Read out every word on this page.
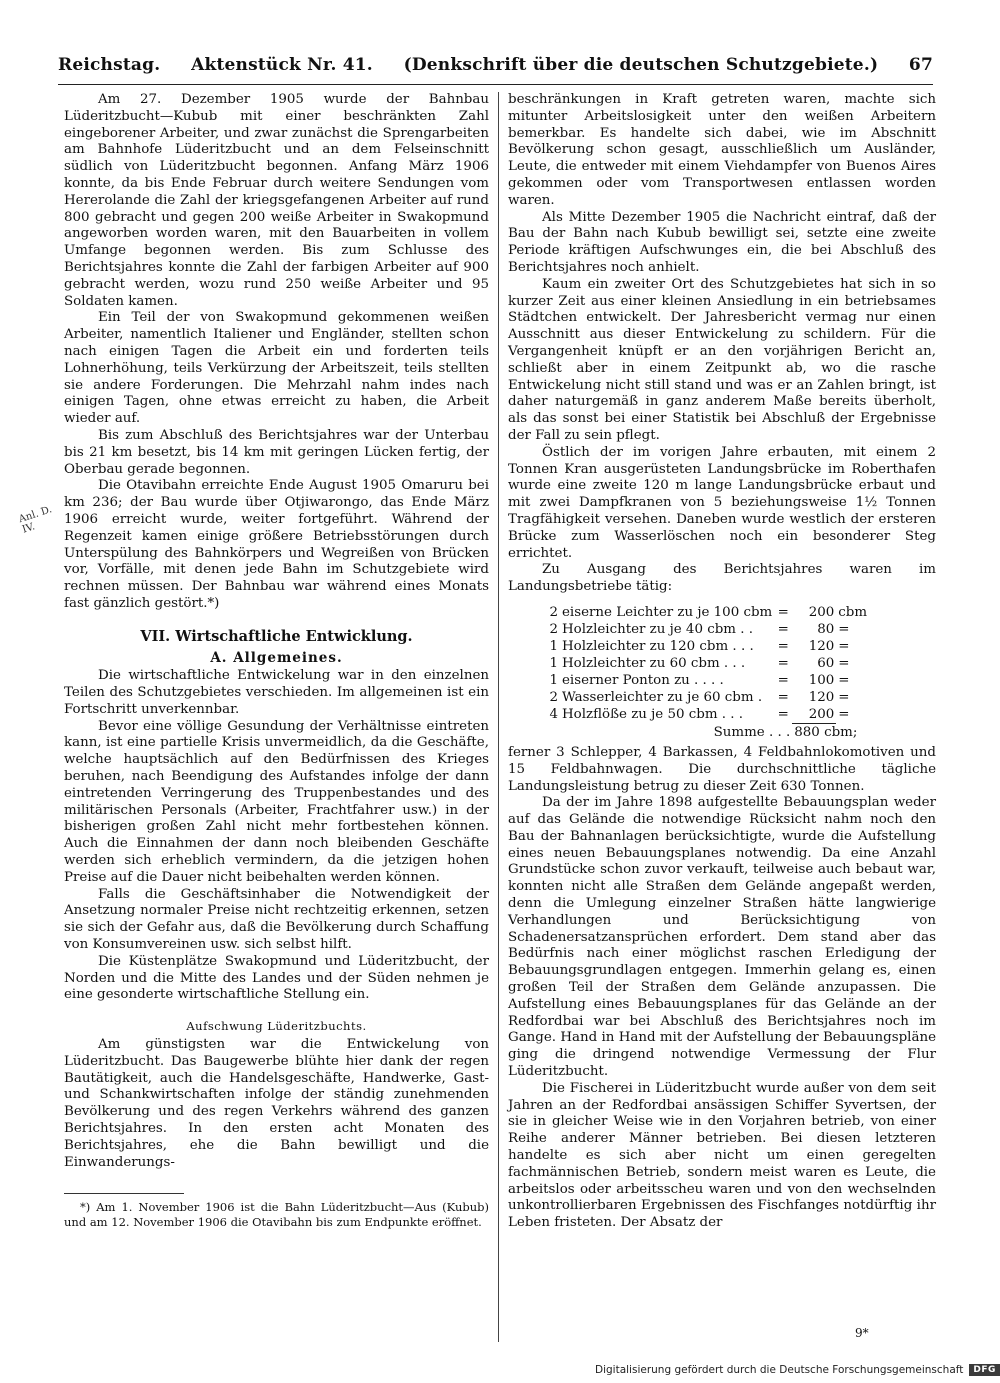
Reichstag. Aktenstück Nr. 41. (Denkschrift über die deutschen Schutzgebiete.) 67
Anl. D. IV.

Am 27. Dezember 1905 wurde der Bahnbau Lüderitzbucht—Kubub mit einer beschränkten Zahl eingeborener Arbeiter, und zwar zunächst die Sprengarbeiten am Bahnhofe Lüderitzbucht und an dem Felseinschnitt südlich von Lüderitzbucht begonnen. Anfang März 1906 konnte, da bis Ende Februar durch weitere Sendungen vom Hererolande die Zahl der kriegsgefangenen Arbeiter auf rund 800 gebracht und gegen 200 weiße Arbeiter in Swakopmund angeworben worden waren, mit den Bauarbeiten in vollem Umfange begonnen werden. Bis zum Schlusse des Berichtsjahres konnte die Zahl der farbigen Arbeiter auf 900 gebracht werden, wozu rund 250 weiße Arbeiter und 95 Soldaten kamen.

Ein Teil der von Swakopmund gekommenen weißen Arbeiter, namentlich Italiener und Engländer, stellten schon nach einigen Tagen die Arbeit ein und forderten teils Lohnerhöhung, teils Verkürzung der Arbeitszeit, teils stellten sie andere Forderungen. Die Mehrzahl nahm indes nach einigen Tagen, ohne etwas erreicht zu haben, die Arbeit wieder auf.

Bis zum Abschluß des Berichtsjahres war der Unterbau bis 21 km besetzt, bis 14 km mit geringen Lücken fertig, der Oberbau gerade begonnen.

Die Otavibahn erreichte Ende August 1905 Omaruru bei km 236; der Bau wurde über Otjiwarongo, das Ende März 1906 erreicht wurde, weiter fortgeführt. Während der Regenzeit kamen einige größere Betriebsstörungen durch Unterspülung des Bahnkörpers und Wegreißen von Brücken vor, Vorfälle, mit denen jede Bahn im Schutzgebiete wird rechnen müssen. Der Bahnbau war während eines Monats fast gänzlich gestört.*)

VII. Wirtschaftliche Entwicklung.

A. Allgemeines.

Die wirtschaftliche Entwickelung war in den einzelnen Teilen des Schutzgebietes verschieden. Im allgemeinen ist ein Fortschritt unverkennbar.

Bevor eine völlige Gesundung der Verhältnisse eintreten kann, ist eine partielle Krisis unvermeidlich, da die Geschäfte, welche hauptsächlich auf den Bedürfnissen des Krieges beruhen, nach Beendigung des Aufstandes infolge der dann eintretenden Verringerung des Truppenbestandes und des militärischen Personals (Arbeiter, Frachtfahrer usw.) in der bisherigen großen Zahl nicht mehr fortbestehen können. Auch die Einnahmen der dann noch bleibenden Geschäfte werden sich erheblich vermindern, da die jetzigen hohen Preise auf die Dauer nicht beibehalten werden können.

Falls die Geschäftsinhaber die Notwendigkeit der Ansetzung normaler Preise nicht rechtzeitig erkennen, setzen sie sich der Gefahr aus, daß die Bevölkerung durch Schaffung von Konsumvereinen usw. sich selbst hilft.

Die Küstenplätze Swakopmund und Lüderitzbucht, der Norden und die Mitte des Landes und der Süden nehmen je eine gesonderte wirtschaftliche Stellung ein.

Aufschwung Lüderitzbuchts.

Am günstigsten war die Entwickelung von Lüderitzbucht. Das Baugewerbe blühte hier dank der regen Bautätigkeit, auch die Handelsgeschäfte, Handwerke, Gast- und Schankwirtschaften infolge der ständig zunehmenden Bevölkerung und des regen Verkehrs während des ganzen Berichtsjahres. In den ersten acht Monaten des Berichtsjahres, ehe die Bahn bewilligt und die Einwanderungs-

*) Am 1. November 1906 ist die Bahn Lüderitzbucht—Aus (Kubub) und am 12. November 1906 die Otavibahn bis zum Endpunkte eröffnet.

beschränkungen in Kraft getreten waren, machte sich mitunter Arbeitslosigkeit unter den weißen Arbeitern bemerkbar. Es handelte sich dabei, wie im Abschnitt Bevölkerung schon gesagt, ausschließlich um Ausländer, Leute, die entweder mit einem Viehdampfer von Buenos Aires gekommen oder vom Transportwesen entlassen worden waren.

Als Mitte Dezember 1905 die Nachricht eintraf, daß der Bau der Bahn nach Kubub bewilligt sei, setzte eine zweite Periode kräftigen Aufschwunges ein, die bei Abschluß des Berichtsjahres noch anhielt.

Kaum ein zweiter Ort des Schutzgebietes hat sich in so kurzer Zeit aus einer kleinen Ansiedlung in ein betriebsames Städtchen entwickelt. Der Jahresbericht vermag nur einen Ausschnitt aus dieser Entwickelung zu schildern. Für die Vergangenheit knüpft er an den vorjährigen Bericht an, schließt aber in einem Zeitpunkt ab, wo die rasche Entwickelung nicht still stand und was er an Zahlen bringt, ist daher naturgemäß in ganz anderem Maße bereits überholt, als das sonst bei einer Statistik bei Abschluß der Ergebnisse der Fall zu sein pflegt.

Östlich der im vorigen Jahre erbauten, mit einem 2 Tonnen Kran ausgerüsteten Landungsbrücke im Roberthafen wurde eine zweite 120 m lange Landungsbrücke erbaut und mit zwei Dampfkranen von 5 beziehungsweise 1½ Tonnen Tragfähigkeit versehen. Daneben wurde westlich der ersteren Brücke zum Wasserlöschen noch ein besonderer Steg errichtet.

Zu Ausgang des Berichtsjahres waren im Landungsbetriebe tätig:

2	eiserne Leichter zu je 100 cbm	=	200	cbm
2	Holzleichter zu je 40 cbm . .	=	80	=
1	Holzleichter zu 120 cbm . . .	=	120	=
1	Holzleichter zu 60 cbm . . .	=	60	=
1	eiserner Ponton zu . . . .	=	100	=
2	Wasserleichter zu je 60 cbm .	=	120	=
4	Holzflöße zu je 50 cbm . . .	=	200	=
Summe . . .			880 cbm;	

ferner 3 Schlepper, 4 Barkassen, 4 Feldbahnlokomotiven und 15 Feldbahnwagen. Die durchschnittliche tägliche Landungsleistung betrug zu dieser Zeit 630 Tonnen.

Da der im Jahre 1898 aufgestellte Bebauungsplan weder auf das Gelände die notwendige Rücksicht nahm noch den Bau der Bahnanlagen berücksichtigte, wurde die Aufstellung eines neuen Bebauungsplanes notwendig. Da eine Anzahl Grundstücke schon zuvor verkauft, teilweise auch bebaut war, konnten nicht alle Straßen dem Gelände angepaßt werden, denn die Umlegung einzelner Straßen hätte langwierige Verhandlungen und Berücksichtigung von Schadenersatzansprüchen erfordert. Dem stand aber das Bedürfnis nach einer möglichst raschen Erledigung der Bebauungsgrundlagen entgegen. Immerhin gelang es, einen großen Teil der Straßen dem Gelände anzupassen. Die Aufstellung eines Bebauungsplanes für das Gelände an der Redfordbai war bei Abschluß des Berichtsjahres noch im Gange. Hand in Hand mit der Aufstellung der Bebauungspläne ging die dringend notwendige Vermessung der Flur Lüderitzbucht.

Die Fischerei in Lüderitzbucht wurde außer von dem seit Jahren an der Redfordbai ansässigen Schiffer Syvertsen, der sie in gleicher Weise wie in den Vorjahren betrieb, von einer Reihe anderer Männer betrieben. Bei diesen letzteren handelte es sich aber nicht um einen geregelten fachmännischen Betrieb, sondern meist waren es Leute, die arbeitslos oder arbeitsscheu waren und von den wechselnden unkontrollierbaren Ergebnissen des Fischfanges notdürftig ihr Leben fristeten. Der Absatz der

9*
Digitalisierung gefördert durch die Deutsche Forschungsgemeinschaft	DFG
